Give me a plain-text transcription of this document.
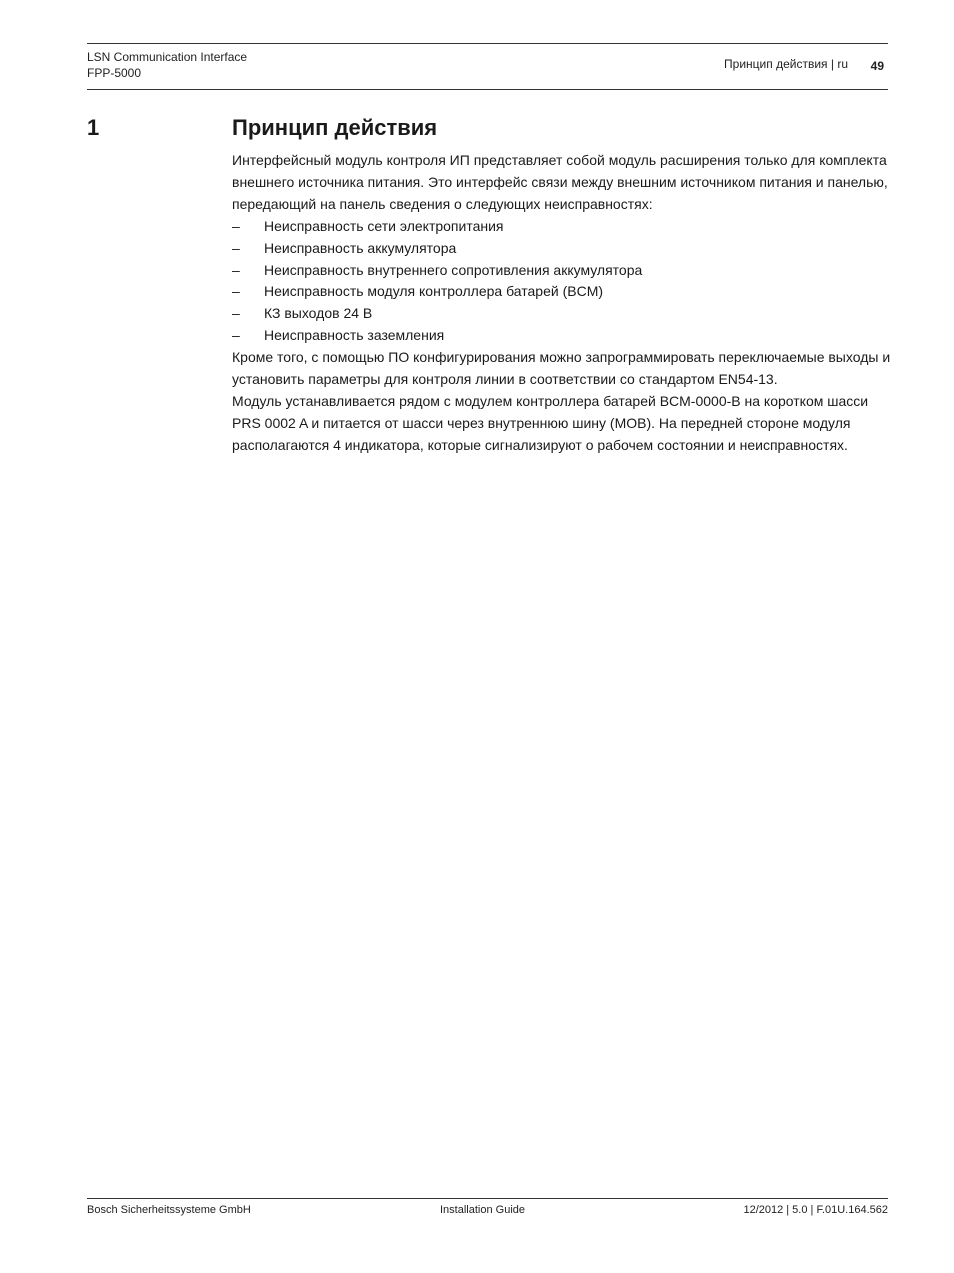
LSN Communication Interface
FPP-5000
Принцип действия | ru 49
1	Принцип действия

Интерфейсный модуль контроля ИП представляет собой модуль расширения только для комплекта внешнего источника питания. Это интерфейс связи между внешним источником питания и панелью, передающий на панель сведения о следующих неисправностях:

– Неисправность сети электропитания
– Неисправность аккумулятора
– Неисправность внутреннего сопротивления аккумулятора
– Неисправность модуля контроллера батарей (BCM)
– КЗ выходов 24 В
– Неисправность заземления

Кроме того, с помощью ПО конфигурирования можно запрограммировать переключаемые выходы и установить параметры для контроля линии в соответствии со стандартом EN54-13.

Модуль устанавливается рядом с модулем контроллера батарей BCM-0000-B на коротком шасси PRS 0002 A и питается от шасси через внутреннюю шину (MOB). На передней стороне модуля располагаются 4 индикатора, которые сигнализируют о рабочем состоянии и неисправностях.

Bosch Sicherheitssysteme GmbH	Installation Guide	12/2012 | 5.0 | F.01U.164.562
